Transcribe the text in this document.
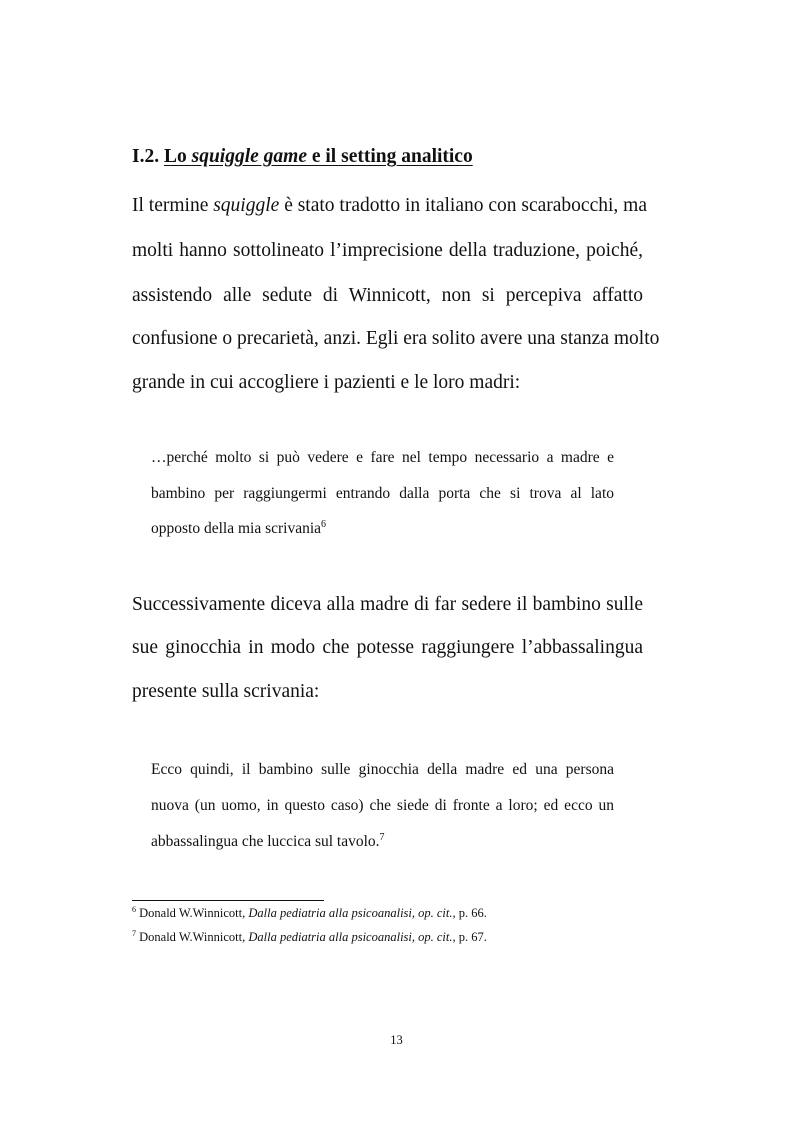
I.2. Lo squiggle game e il setting analitico
Il termine squiggle è stato tradotto in italiano con scarabocchi, ma
molti hanno sottolineato l’imprecisione della traduzione, poiché,
assistendo alle sedute di Winnicott, non si percepiva affatto
confusione o precarietà, anzi. Egli era solito avere una stanza molto
grande in cui accogliere i pazienti e le loro madri:
…perché molto si può vedere e fare nel tempo necessario a madre e
bambino per raggiungermi entrando dalla porta che si trova al lato
opposto della mia scrivania$^6$
Successivamente diceva alla madre di far sedere il bambino sulle
sue ginocchia in modo che potesse raggiungere l’abbassalingua
presente sulla scrivania:
Ecco quindi, il bambino sulle ginocchia della madre ed una persona
nuova (un uomo, in questo caso) che siede di fronte a loro; ed ecco un
abbassalingua che luccica sul tavolo.$^7$
$^6$ Donald W.Winnicott, Dalla pediatria alla psicoanalisi, op. cit., p. 66.
$^7$ Donald W.Winnicott, Dalla pediatria alla psicoanalisi, op. cit., p. 67.
13
